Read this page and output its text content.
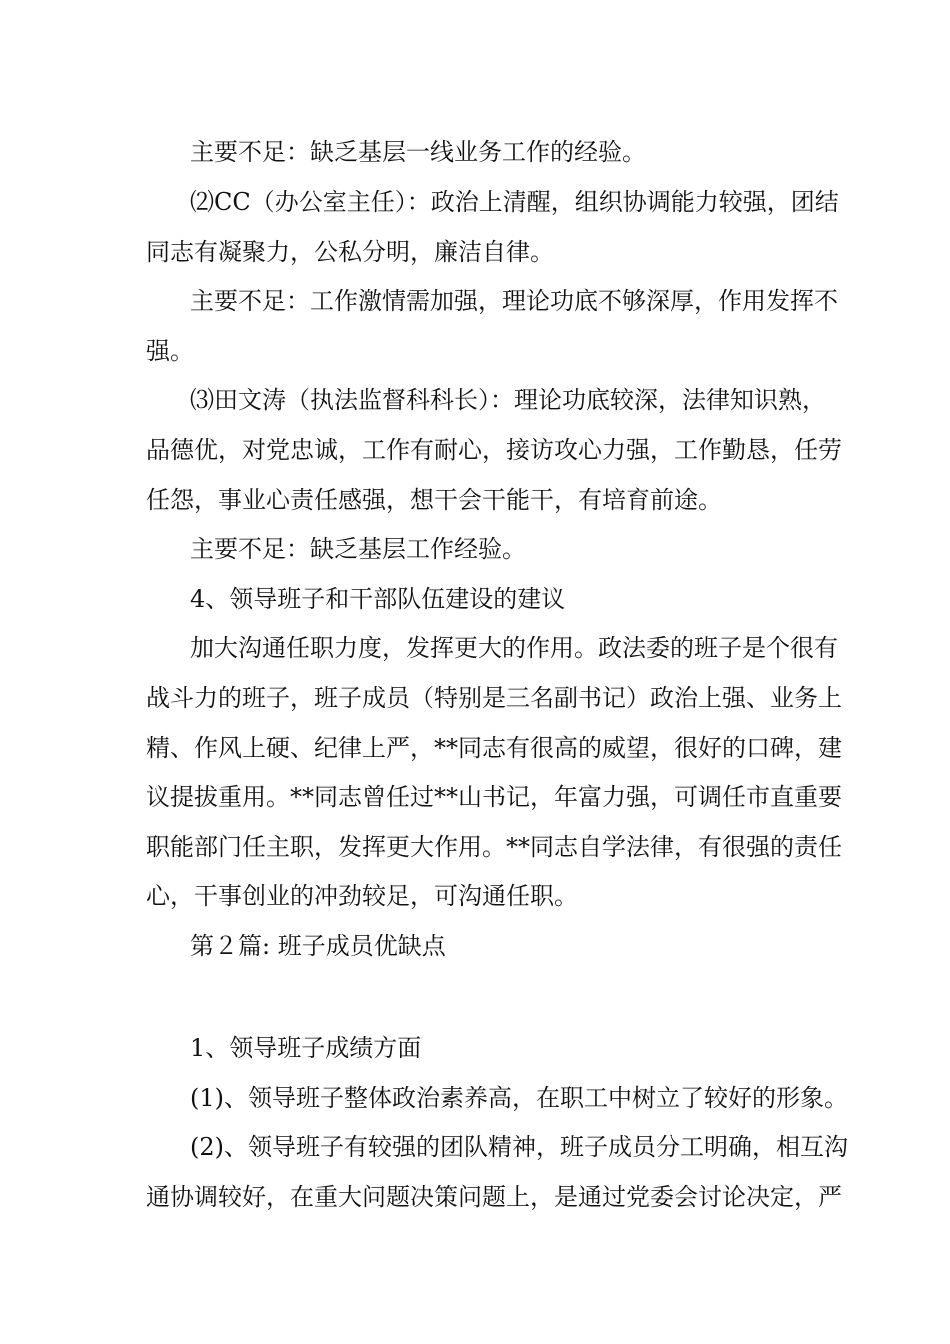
主要不足：缺乏基层一线业务工作的经验。
⑵CC（办公室主任）：政治上清醒，组织协调能力较强，团结
同志有凝聚力，公私分明，廉洁自律。
主要不足：工作激情需加强，理论功底不够深厚，作用发挥不
强。
⑶田文涛（执法监督科科长）：理论功底较深，法律知识熟，
品德优，对党忠诚，工作有耐心，接访攻心力强，工作勤恳，任劳
任怨，事业心责任感强，想干会干能干，有培育前途。
主要不足：缺乏基层工作经验。
4、领导班子和干部队伍建设的建议
加大沟通任职力度，发挥更大的作用。政法委的班子是个很有
战斗力的班子，班子成员（特别是三名副书记）政治上强、业务上
精、作风上硬、纪律上严，**同志有很高的威望，很好的口碑，建
议提拔重用。**同志曾任过**山书记，年富力强，可调任市直重要
职能部门任主职，发挥更大作用。**同志自学法律，有很强的责任
心，干事创业的冲劲较足，可沟通任职。
第２篇: 班子成员优缺点
1、领导班子成绩方面
(1)、领导班子整体政治素养高，在职工中树立了较好的形象。
(2)、领导班子有较强的团队精神，班子成员分工明确，相互沟
通协调较好，在重大问题决策问题上，是通过党委会讨论决定，严
